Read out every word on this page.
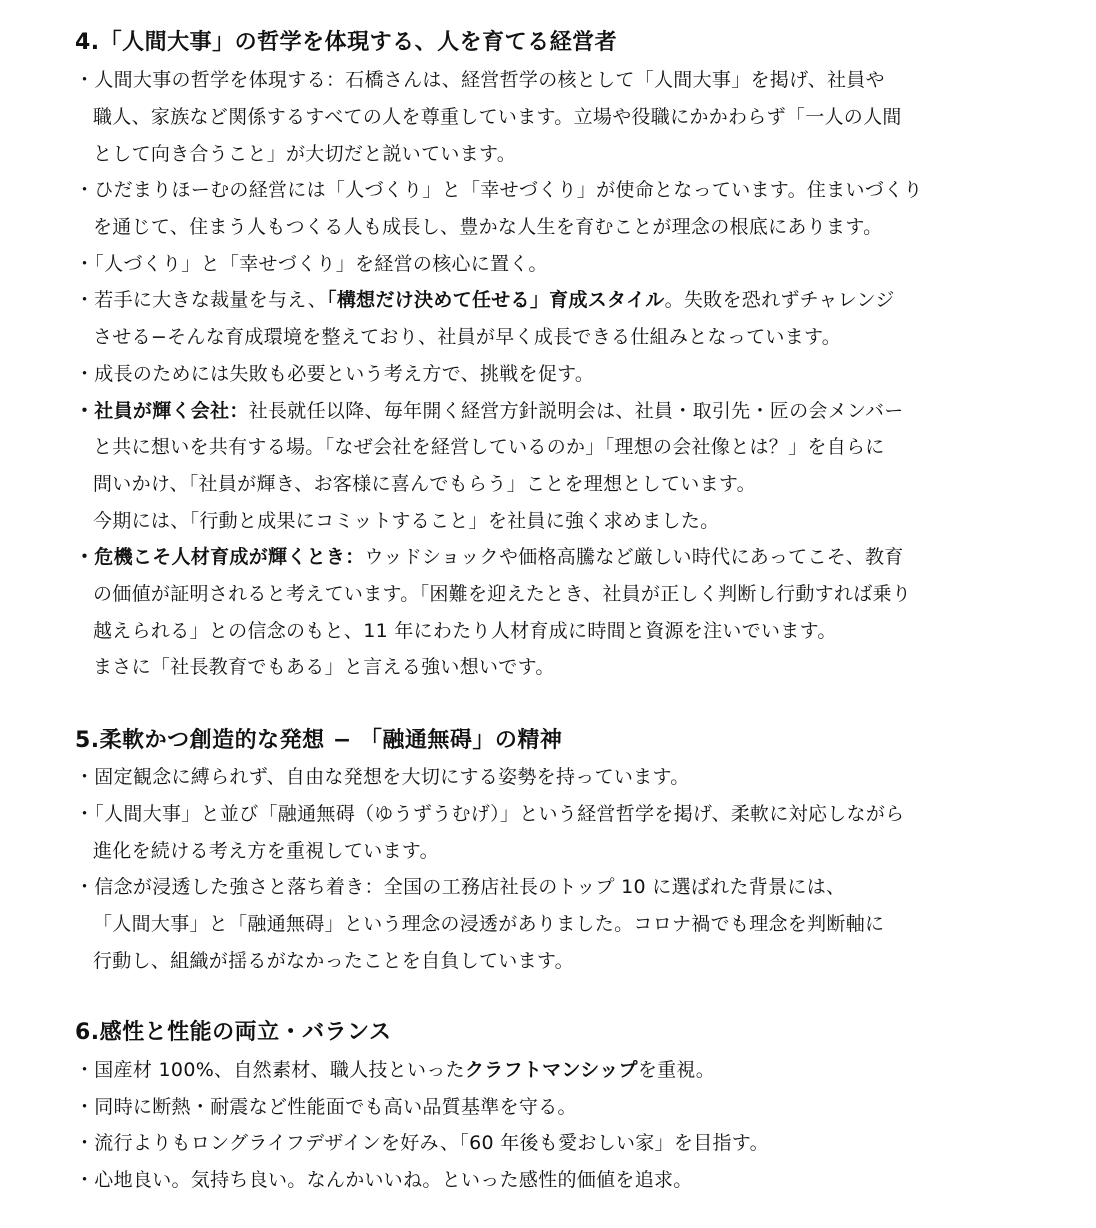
4.「人間大事」の哲学を体現する、人を育てる経営者
・人間大事の哲学を体現する：石橋さんは、経営哲学の核として「人間大事」を掲げ、社員や
職人、家族など関係するすべての人を尊重しています。立場や役職にかかわらず「一人の人間
として向き合うこと」が大切だと説いています。
・ひだまりほーむの経営には「人づくり」と「幸せづくり」が使命となっています。住まいづくり
を通じて、住まう人もつくる人も成長し、豊かな人生を育むことが理念の根底にあります。
・「人づくり」と「幸せづくり」を経営の核心に置く。
・若手に大きな裁量を与え、「構想だけ決めて任せる」育成スタイル。失敗を恐れずチャレンジ
させる−そんな育成環境を整えており、社員が早く成長できる仕組みとなっています。
・成長のためには失敗も必要という考え方で、挑戦を促す。
・社員が輝く会社：社長就任以降、毎年開く経営方針説明会は、社員・取引先・匠の会メンバー
と共に想いを共有する場。「なぜ会社を経営しているのか」「理想の会社像とは？」を自らに
問いかけ、「社員が輝き、お客様に喜んでもらう」ことを理想としています。
今期には、「行動と成果にコミットすること」を社員に強く求めました。
・危機こそ人材育成が輝くとき：ウッドショックや価格高騰など厳しい時代にあってこそ、教育
の価値が証明されると考えています。「困難を迎えたとき、社員が正しく判断し行動すれば乗り
越えられる」との信念のもと、11 年にわたり人材育成に時間と資源を注いでいます。
まさに「社長教育でもある」と言える強い想いです。
5.柔軟かつ創造的な発想 − 「融通無碍」の精神
・固定観念に縛られず、自由な発想を大切にする姿勢を持っています。
・「人間大事」と並び「融通無碍（ゆうずうむげ）」という経営哲学を掲げ、柔軟に対応しながら
進化を続ける考え方を重視しています。
・信念が浸透した強さと落ち着き：全国の工務店社長のトップ 10 に選ばれた背景には、
「人間大事」と「融通無碍」という理念の浸透がありました。コロナ禍でも理念を判断軸に
行動し、組織が揺るがなかったことを自負しています。
6.感性と性能の両立・バランス
・国産材 100%、自然素材、職人技といったクラフトマンシップを重視。
・同時に断熱・耐震など性能面でも高い品質基準を守る。
・流行よりもロングライフデザインを好み、「60 年後も愛おしい家」を目指す。
・心地良い。気持ち良い。なんかいいね。といった感性的価値を追求。
